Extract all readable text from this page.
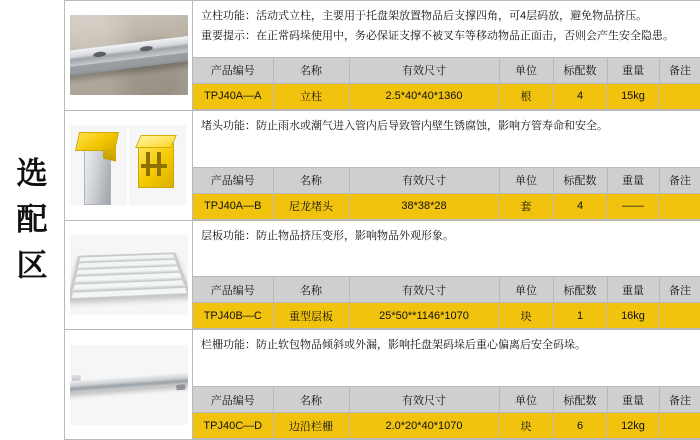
选
配
区

立柱功能：活动式立柱，主要用于托盘架放置物品后支撑四角，可4层码放，避免物品挤压。

重要提示：在正常码垛使用中，务必保证支撑不被叉车等移动物品正面击，否则会产生安全隐患。

产品编号	名称	有效尺寸	单位	标配数	重量	备注
TPJ40A—A	立柱	2.5*40*40*1360	根	4	15kg	

堵头功能：防止雨水或潮气进入管内后导致管内壁生锈腐蚀，影响方管寿命和安全。

产品编号	名称	有效尺寸	单位	标配数	重量	备注
TPJ40A—B	尼龙堵头	38*38*28	套	4	——	

层板功能：防止物品挤压变形，影响物品外观形象。

产品编号	名称	有效尺寸	单位	标配数	重量	备注
TPJ40B—C	重型层板	25*50**1146*1070	块	1	16kg	

栏栅功能：防止软包物品倾斜或外漏，影响托盘架码垛后重心偏离后安全码垛。

产品编号	名称	有效尺寸	单位	标配数	重量	备注
TPJ40C—D	边沿栏栅	2.0*20*40*1070	块	6	12kg	
